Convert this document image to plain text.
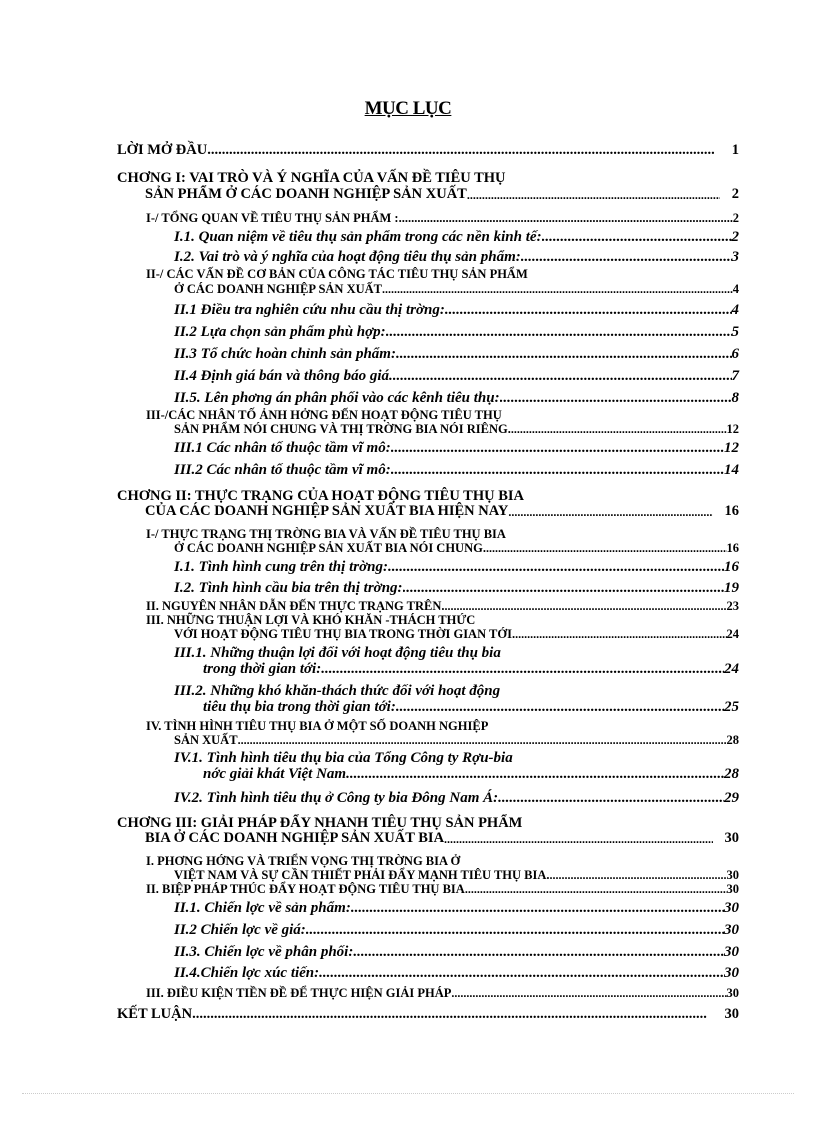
MỤC LỤC
LỜI MỞ ĐẦU .....	1
CHƠNG I: VAI TRÒ VÀ Ý NGHĨA CỦA VẤN ĐỀ TIÊU THỤ
SẢN PHẨM Ở CÁC DOANH NGHIỆP SẢN XUẤT .....	2
I-/ TỔNG QUAN VỀ TIÊU THỤ SẢN PHẨM : .....	2
I.1. Quan niệm về tiêu thụ sản phẩm trong các nền kinh tế: .....	2
I.2. Vai trò và ý nghĩa của hoạt động tiêu thụ sản phẩm: .....	3
II-/ CÁC VẤN ĐỀ CƠ BẢN CỦA CÔNG TÁC TIÊU THỤ SẢN PHẨM
Ở CÁC DOANH NGHIỆP SẢN XUẤT .....	4
II.1 Điều tra nghiên cứu nhu cầu thị trờng: .....	4
II.2 Lựa chọn sản phẩm phù hợp: .....	5
II.3 Tổ chức hoàn chỉnh sản phẩm: .....	6
II.4 Định giá bán và thông báo giá. .....	7
II.5. Lên phơng án phân phối vào các kênh tiêu thụ: .....	8
III-/CÁC NHÂN TỐ ẢNH HỞNG ĐẾN HOẠT ĐỘNG TIÊU THỤ
SẢN PHẨM NÓI CHUNG VÀ THỊ TRỜNG BIA NÓI RIÊNG. .....	12
III.1 Các nhân tố thuộc tầm vĩ mô: .....	12
III.2 Các nhân tố thuộc tầm vĩ mô: .....	14
CHƠNG II: THỰC TRẠNG CỦA HOẠT ĐỘNG TIÊU THỤ BIA
CỦA CÁC DOANH NGHIỆP SẢN XUẤT BIA HIỆN NAY .....	16
I-/ THỰC TRẠNG THỊ TRỜNG BIA VÀ VẤN ĐỀ TIÊU THỤ BIA
Ở CÁC DOANH NGHIỆP SẢN XUẤT BIA NÓI CHUNG. .....	16
I.1. Tình hình cung trên thị trờng: .....	16
I.2. Tình hình cầu bia trên thị trờng: .....	19
II. NGUYÊN NHÂN DẪN ĐẾN THỰC TRẠNG TRÊN. .....	23
III. NHỮNG THUẬN LỢI VÀ KHÓ KHĂN -THÁCH THỨC
VỚI HOẠT ĐỘNG TIÊU THỤ BIA TRONG THỜI GIAN TỚI. .....	24
III.1. Những thuận lợi đối với hoạt động tiêu thụ bia
trong thời gian tới: .....	24
III.2. Những khó khăn-thách thức đối với hoạt động
tiêu thụ bia trong thời gian tới: .....	25
IV. TÌNH HÌNH TIÊU THỤ BIA Ở MỘT SỐ DOANH NGHIỆP
SẢN XUẤT .....	28
IV.1. Tình hình tiêu thụ bia của Tổng Công ty Rợu-bia
nớc giải khát Việt Nam. .....	28
IV.2. Tình hình tiêu thụ ở Công ty bia Đông Nam Á: .....	29
CHƠNG III: GIẢI PHÁP ĐẨY NHANH TIÊU THỤ SẢN PHẨM
BIA Ở CÁC DOANH NGHIỆP SẢN XUẤT BIA .....	30
I. PHƠNG HỚNG VÀ TRIỂN VỌNG THỊ TRỜNG BIA Ở
VIỆT NAM VÀ SỰ CẦN THIẾT PHẢI ĐẨY MẠNH TIÊU THỤ BIA. .....	30
II. BIỆP PHÁP THÚC ĐẨY HOẠT ĐỘNG TIÊU THỤ BIA .....	30
II.1. Chiến lợc về sản phẩm: .....	30
II.2 Chiến lợc về giá: .....	30
II.3. Chiến lợc về phân phối: .....	30
II.4.Chiến lợc xúc tiến: .....	30
III. ĐIỀU KIỆN TIỀN ĐỀ ĐỂ THỰC HIỆN GIẢI PHÁP .....	30
KẾT LUẬN .....	30
